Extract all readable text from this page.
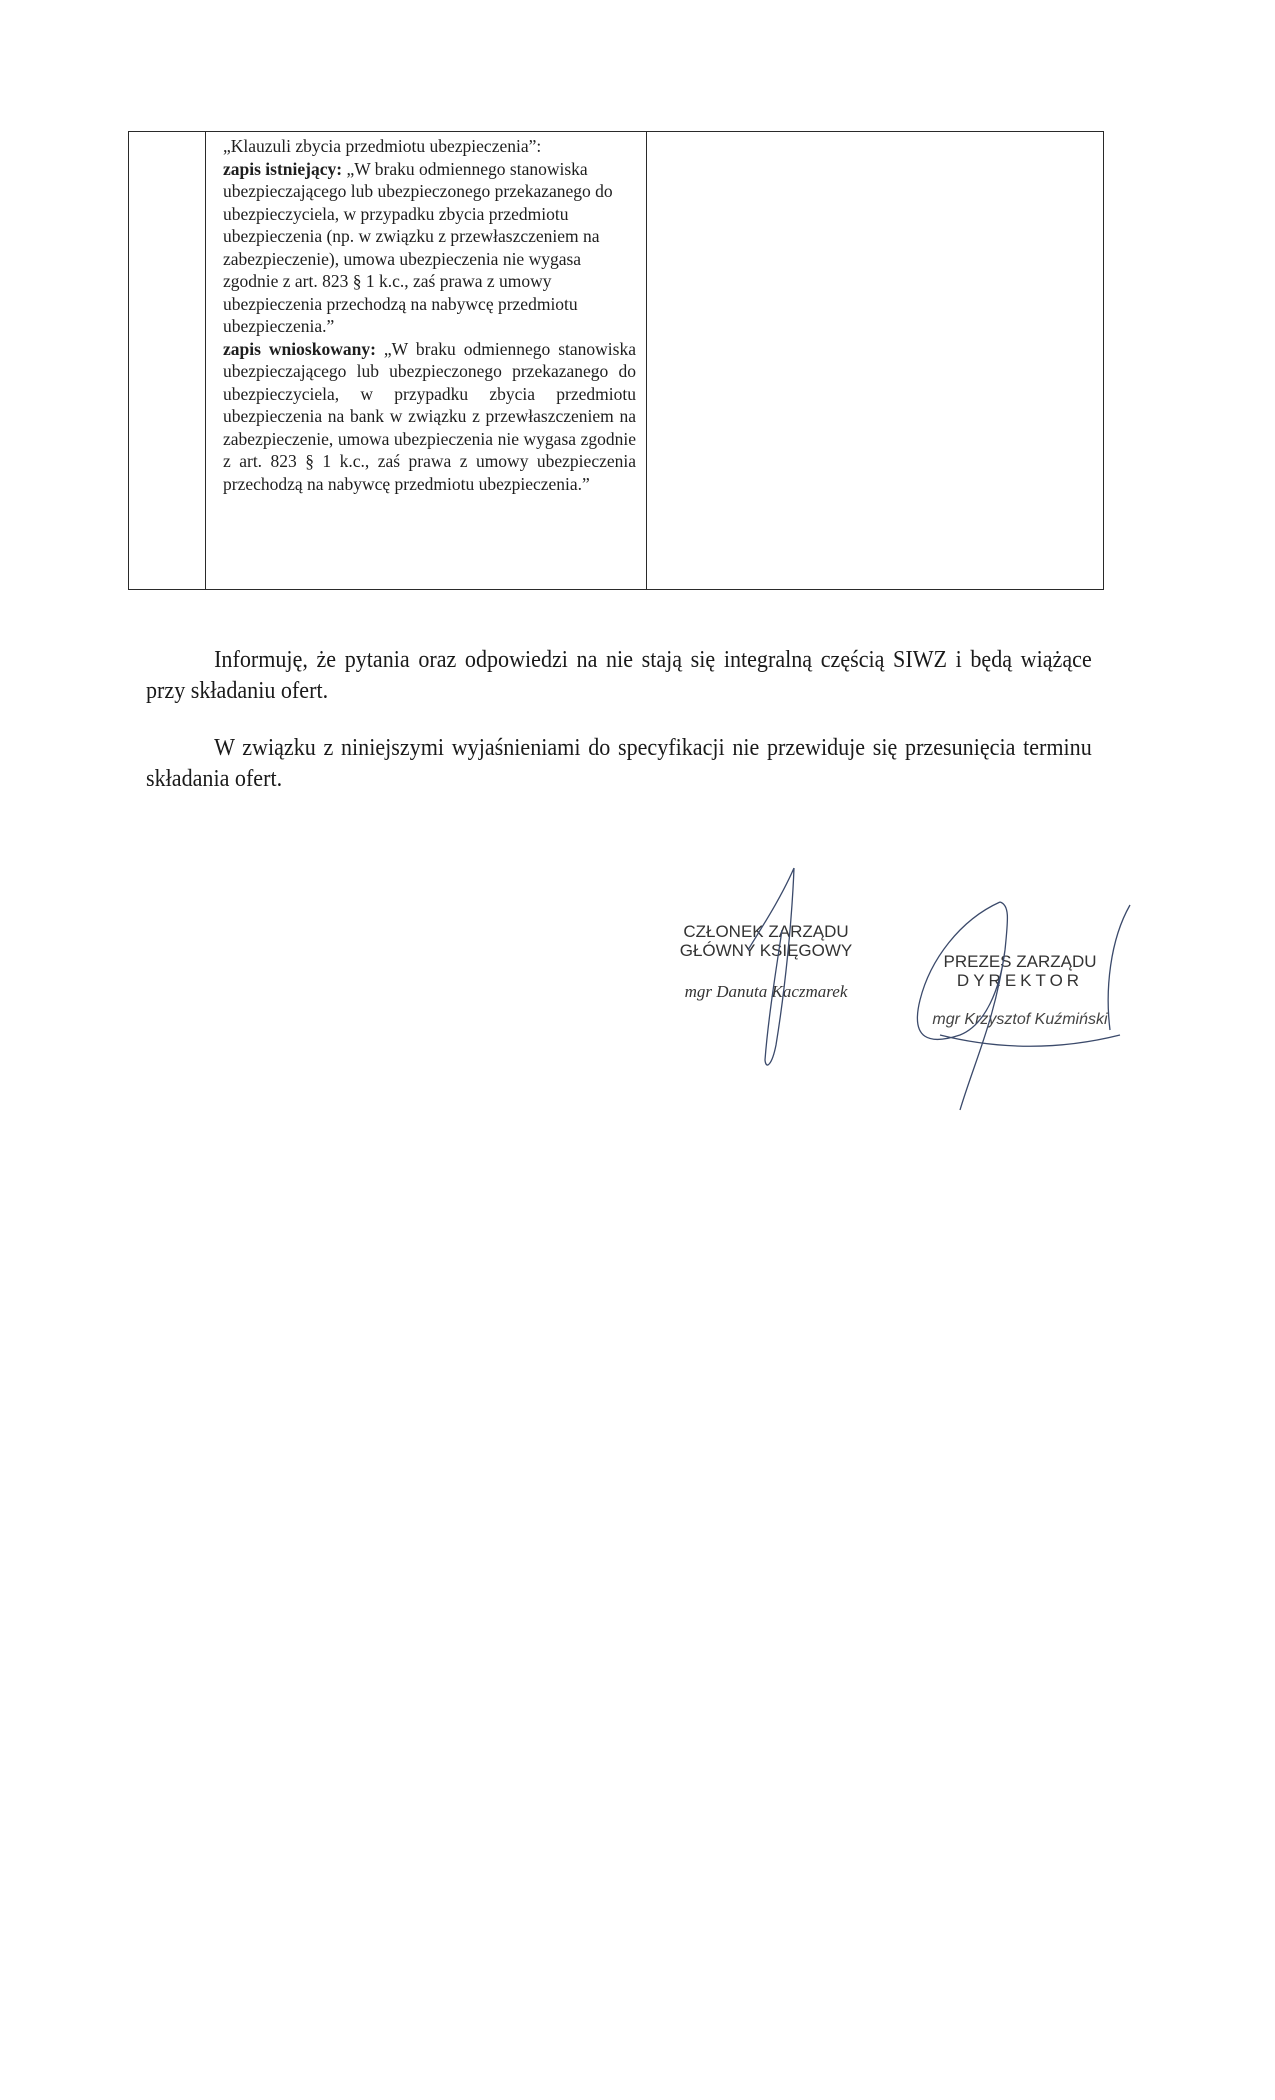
„Klauzuli zbycia przedmiotu ubezpieczenia”:

zapis istniejący: „W braku odmiennego stanowiska ubezpieczającego lub ubezpieczonego przekazanego do ubezpieczyciela, w przypadku zbycia przedmiotu ubezpieczenia (np. w związku z przewłaszczeniem na zabezpieczenie), umowa ubezpieczenia nie wygasa zgodnie z art. 823 § 1 k.c., zaś prawa z umowy ubezpieczenia przechodzą na nabywcę przedmiotu ubezpieczenia.”

zapis wnioskowany: „W braku odmiennego stanowiska ubezpieczającego lub ubezpieczonego przekazanego do ubezpieczyciela, w przypadku zbycia przedmiotu ubezpieczenia na bank w związku z przewłaszczeniem na zabezpieczenie, umowa ubezpieczenia nie wygasa zgodnie z art. 823 § 1 k.c., zaś prawa z umowy ubezpieczenia przechodzą na nabywcę przedmiotu ubezpieczenia.”

Informuję, że pytania oraz odpowiedzi na nie stają się integralną częścią SIWZ i będą wiążące przy składaniu ofert.

W związku z niniejszymi wyjaśnieniami do specyfikacji nie przewiduje się przesunięcia terminu składania ofert.

CZŁONEK ZARZĄDU

GŁÓWNY KSIĘGOWY

mgr Danuta Kaczmarek

PREZES ZARZĄDU

DYREKTOR

mgr Krzysztof Kuźmiński
